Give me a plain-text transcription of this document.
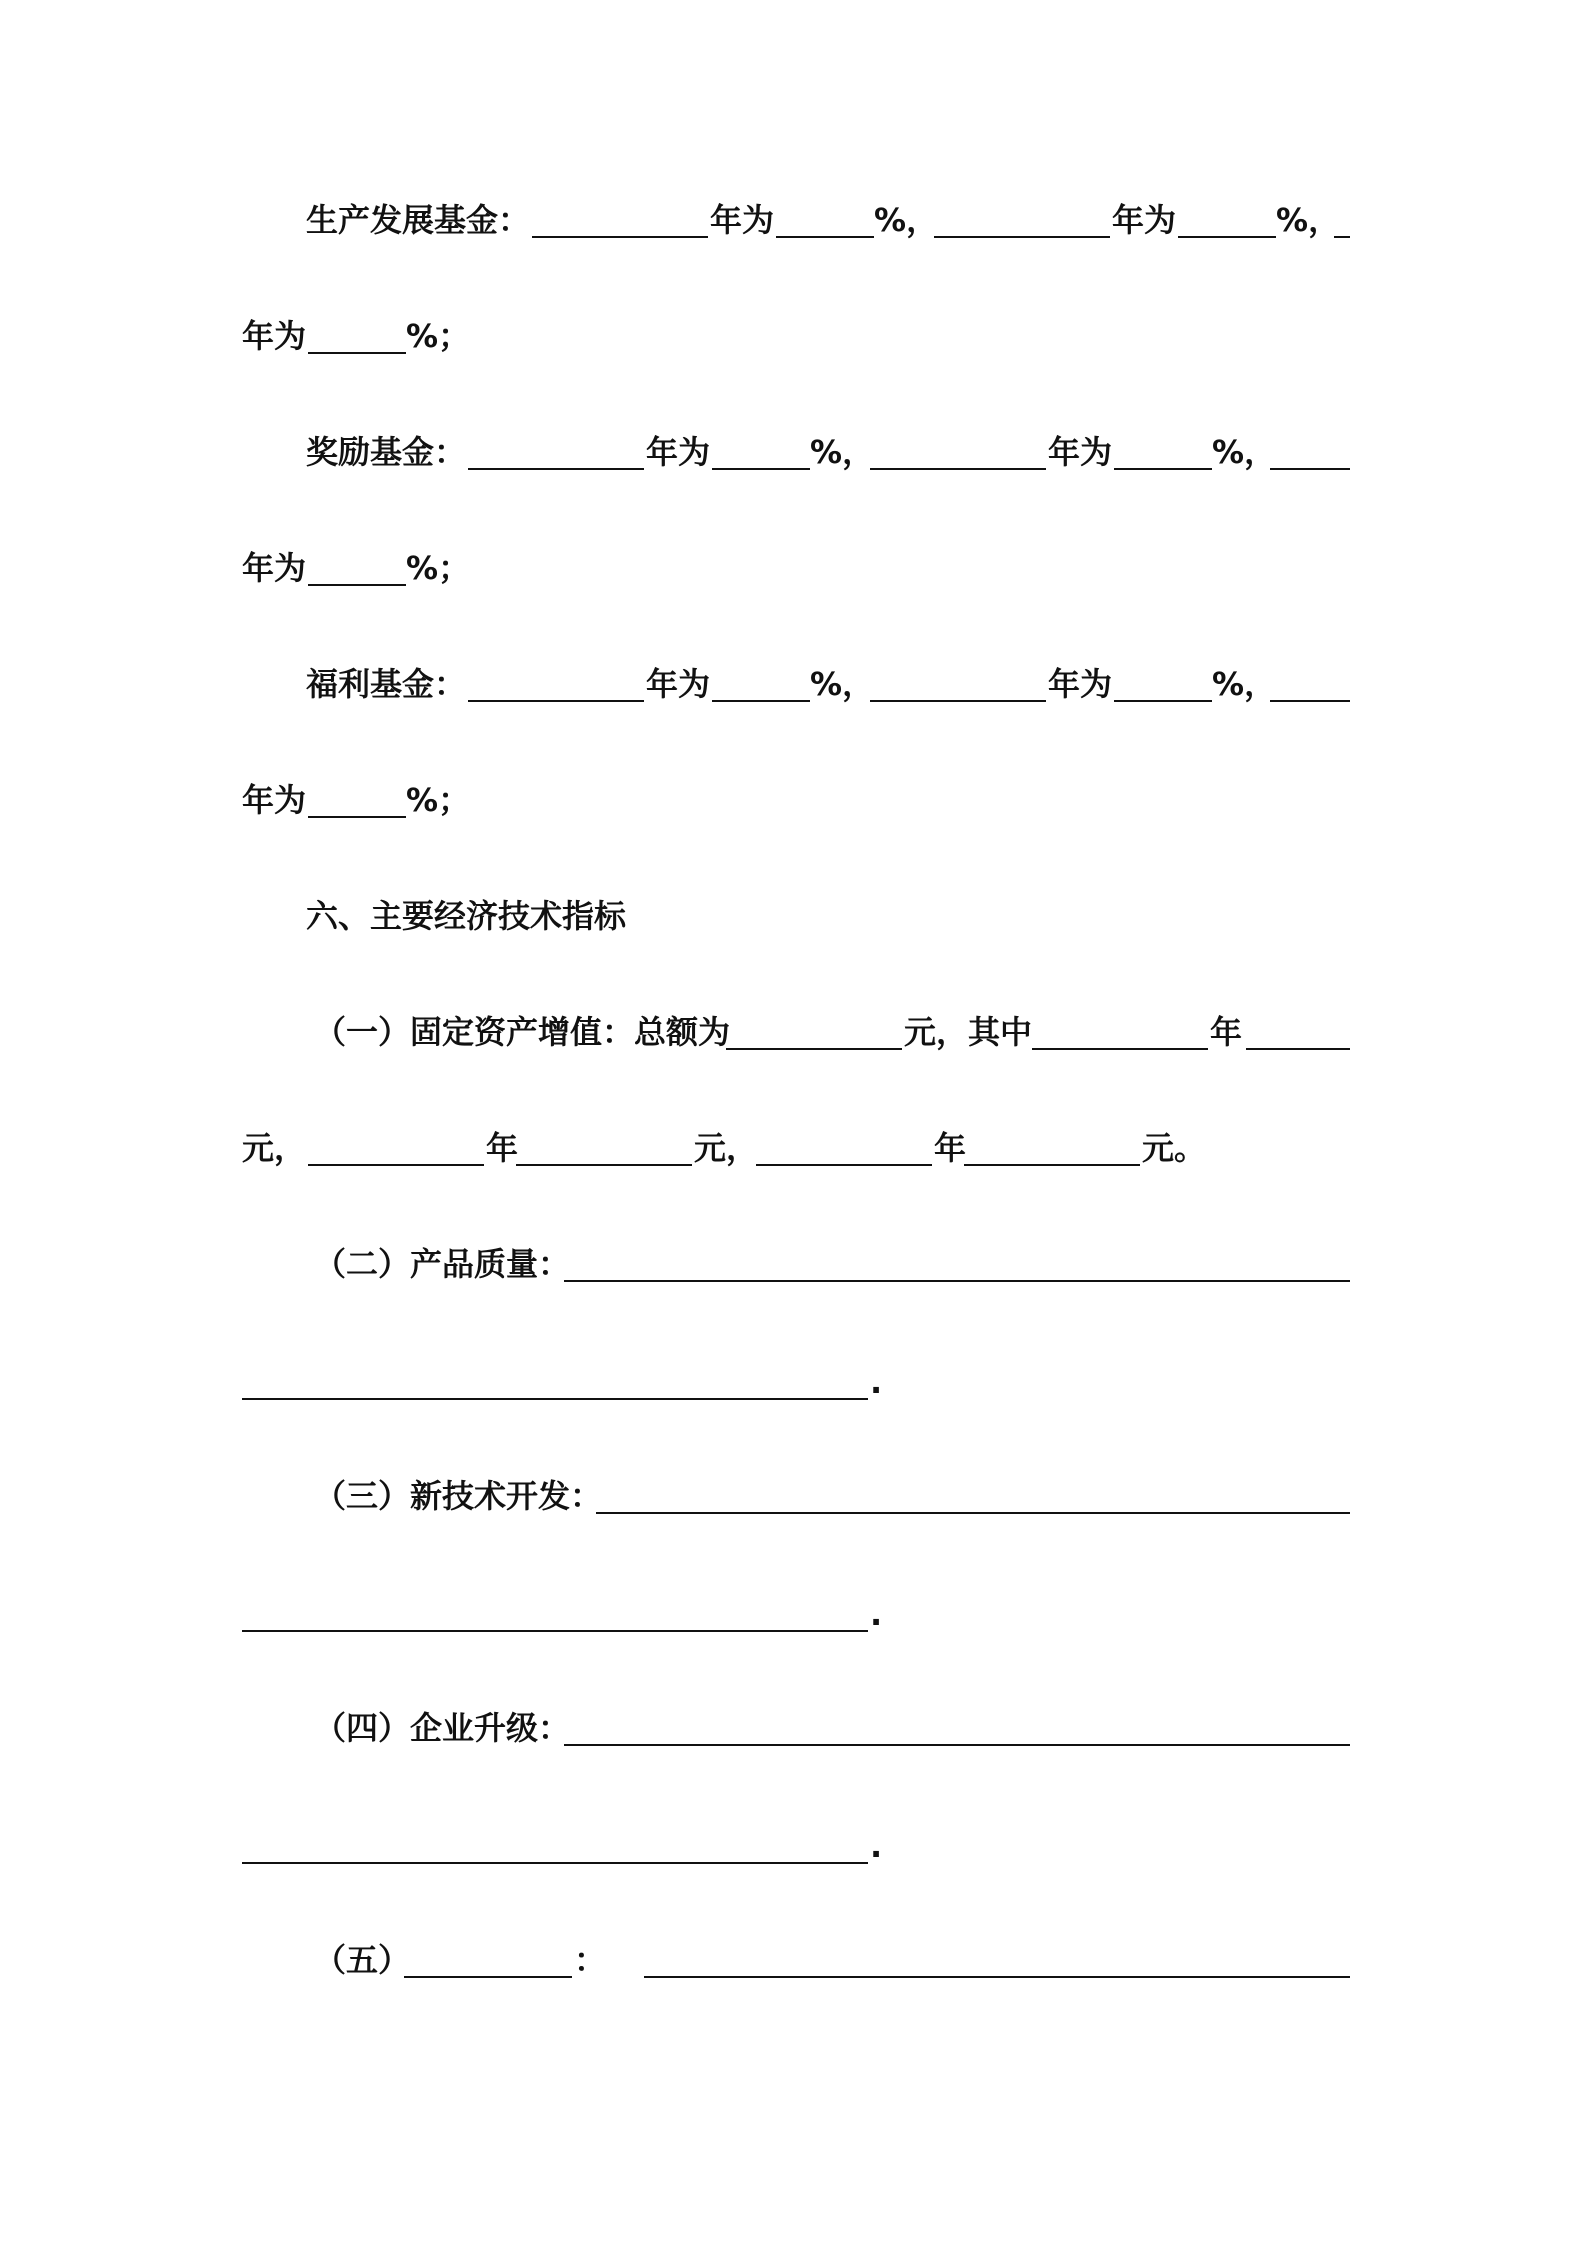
生产发展基金：	年为	%，	年为	%，
年为	%；
奖励基金：	年为	%，	年为	%，
年为	%；
福利基金：	年为	%，	年为	%，
年为	%；
六、主要经济技术指标
（一）固定资产增值：总额为	元，其中	年
元，	年	元，	年	元。
（二）产品质量：
.
（三）新技术开发：
.
（四）企业升级：
.
（五）	：
